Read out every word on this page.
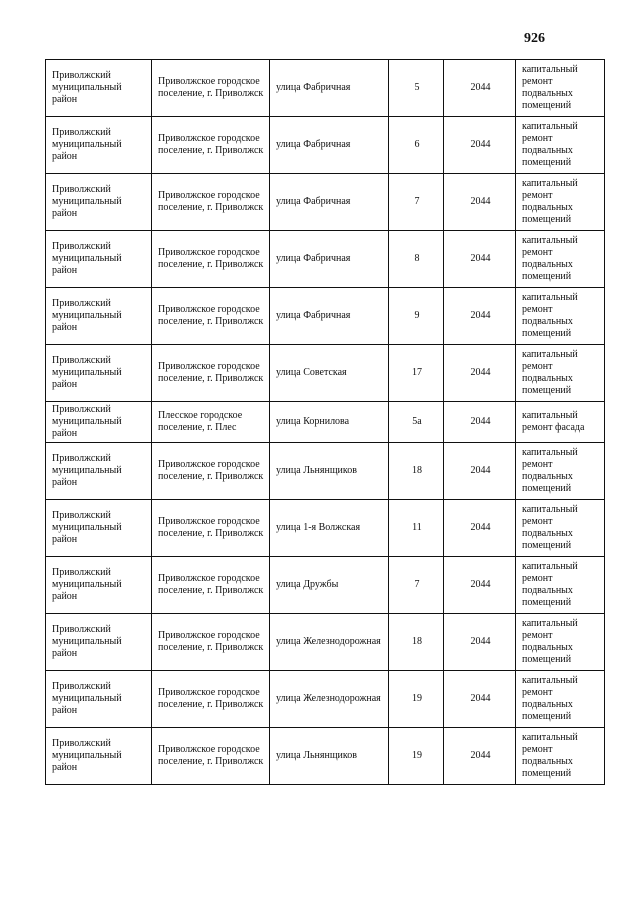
926
Приволжский муниципальный район	Приволжское городское поселение, г. Приволжск	улица Фабричная	5	2044	капитальный ремонт подвальных помещений
Приволжский муниципальный район	Приволжское городское поселение, г. Приволжск	улица Фабричная	6	2044	капитальный ремонт подвальных помещений
Приволжский муниципальный район	Приволжское городское поселение, г. Приволжск	улица Фабричная	7	2044	капитальный ремонт подвальных помещений
Приволжский муниципальный район	Приволжское городское поселение, г. Приволжск	улица Фабричная	8	2044	капитальный ремонт подвальных помещений
Приволжский муниципальный район	Приволжское городское поселение, г. Приволжск	улица Фабричная	9	2044	капитальный ремонт подвальных помещений
Приволжский муниципальный район	Приволжское городское поселение, г. Приволжск	улица Советская	17	2044	капитальный ремонт подвальных помещений
Приволжский муниципальный район	Плесское городское поселение, г. Плес	улица Корнилова	5а	2044	капитальный ремонт фасада
Приволжский муниципальный район	Приволжское городское поселение, г. Приволжск	улица Льнянщиков	18	2044	капитальный ремонт подвальных помещений
Приволжский муниципальный район	Приволжское городское поселение, г. Приволжск	улица 1-я Волжская	11	2044	капитальный ремонт подвальных помещений
Приволжский муниципальный район	Приволжское городское поселение, г. Приволжск	улица Дружбы	7	2044	капитальный ремонт подвальных помещений
Приволжский муниципальный район	Приволжское городское поселение, г. Приволжск	улица Железнодорожная	18	2044	капитальный ремонт подвальных помещений
Приволжский муниципальный район	Приволжское городское поселение, г. Приволжск	улица Железнодорожная	19	2044	капитальный ремонт подвальных помещений
Приволжский муниципальный район	Приволжское городское поселение, г. Приволжск	улица Льнянщиков	19	2044	капитальный ремонт подвальных помещений
